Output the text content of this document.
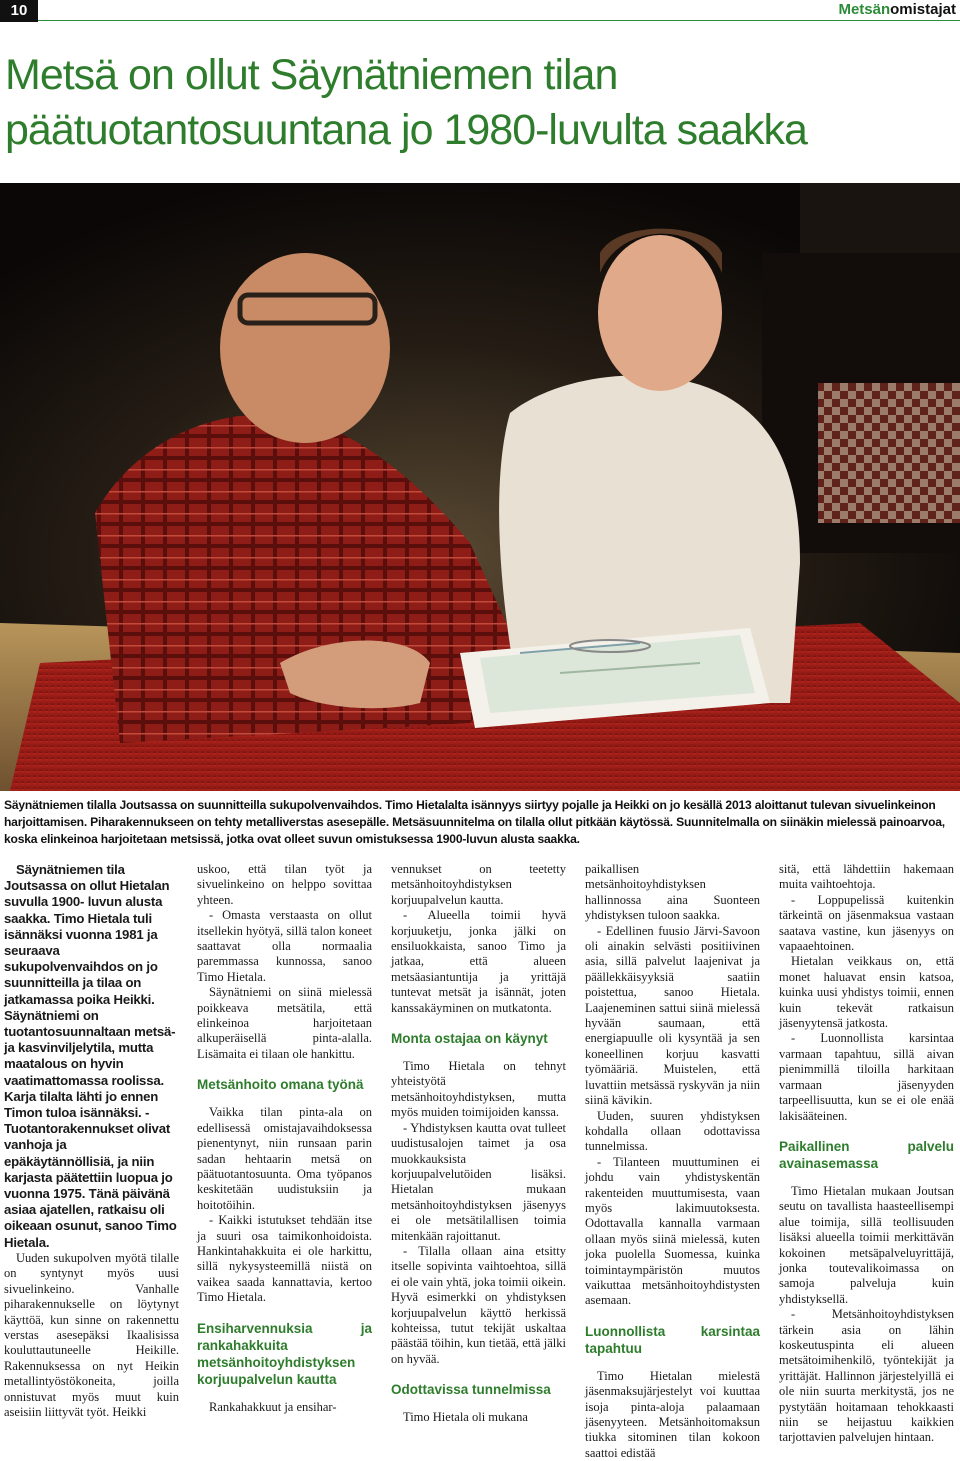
10	Metsänomistajat
Metsä on ollut Säynätniemen tilan päätuotantosuuntana jo 1980-luvulta saakka

Säynätniemen tilalla Joutsassa on suunnitteilla sukupolvenvaihdos. Timo Hietalalta isännyys siirtyy pojalle ja Heikki on jo kesällä 2013 aloittanut tulevan sivuelinkeinon harjoittamisen. Piharakennukseen on tehty metalliverstas asesepälle. Metsäsuunnitelma on tilalla ollut pitkään käytössä. Suunnitelmalla on siinäkin mielessä painoarvoa, koska elinkeinoa harjoitetaan metsissä, jotka ovat olleet suvun omistuksessa 1900-luvun alusta saakka.

Säynätniemen tila Joutsassa on ollut Hietalan suvulla 1900- luvun alusta saakka. Timo Hietala tuli isännäksi vuonna 1981 ja seuraava sukupolvenvaihdos on jo suunnitteilla ja tilaa on jatkamassa poika Heikki. Säynätniemi on tuotantosuunnaltaan metsä- ja kasvinviljelytila, mutta maatalous on hyvin vaatimattomassa roolissa. Karja tilalta lähti jo ennen Timon tuloa isännäksi. - Tuotantorakennukset olivat vanhoja ja epäkäytännöllisiä, ja niin karjasta päätettiin luopua jo vuonna 1975. Tänä päivänä asiaa ajatellen, ratkaisu oli oikeaan osunut, sanoo Timo Hietala.

Uuden sukupolven myötä tilalle on syntynyt myös uusi sivuelinkeino. Vanhalle piharakennukselle on löytynyt käyttöä, kun sinne on rakennettu verstas asesepäksi Ikaalisissa kouluttautuneelle Heikille. Rakennuksessa on nyt Heikin metallintyöstökoneita, joilla onnistuvat myös muut kuin aseisiin liittyvät työt. Heikki

uskoo, että tilan työt ja sivuelinkeino on helppo sovittaa yhteen.

- Omasta verstaasta on ollut itsellekin hyötyä, sillä talon koneet saattavat olla normaalia paremmassa kunnossa, sanoo Timo Hietala.

Säynätniemi on siinä mielessä poikkeava metsätila, että elinkeinoa harjoitetaan alkuperäisellä pinta-alalla. Lisämaita ei tilaan ole hankittu.

Metsänhoito omana työnä

Vaikka tilan pinta-ala on edellisessä omistajavaihdoksessa pienentynyt, niin runsaan parin sadan hehtaarin metsä on päätuotantosuunta. Oma työpanos keskitetään uudistuksiin ja hoitotöihin.

- Kaikki istutukset tehdään itse ja suuri osa taimikonhoidoista. Hankintahakkuita ei ole harkittu, sillä nykysysteemillä niistä on vaikea saada kannattavia, kertoo Timo Hietala.

Ensiharvennuksia ja rankahakkuita metsänhoitoyhdistyksen korjuupalvelun kautta

Rankahakkuut ja ensihar-

vennukset on teetetty metsänhoitoyhdistyksen korjuupalvelun kautta.

- Alueella toimii hyvä korjuuketju, jonka jälki on ensiluokkaista, sanoo Timo ja jatkaa, että alueen metsäasiantuntija ja yrittäjä tuntevat metsät ja isännät, joten kanssakäyminen on mutkatonta.

Monta ostajaa on käynyt

Timo Hietala on tehnyt yhteistyötä metsänhoitoyhdistyksen, mutta myös muiden toimijoiden kanssa.

- Yhdistyksen kautta ovat tulleet uudistusalojen taimet ja osa muokkauksista korjuupalvelutöiden lisäksi. Hietalan mukaan metsänhoitoyhdistyksen jäsenyys ei ole metsätilallisen toimia mitenkään rajoittanut.

- Tilalla ollaan aina etsitty itselle sopivinta vaihtoehtoa, sillä ei ole vain yhtä, joka toimii oikein. Hyvä esimerkki on yhdistyksen korjuupalvelun käyttö herkissä kohteissa, tutut tekijät uskaltaa päästää töihin, kun tietää, että jälki on hyvää.

Odottavissa tunnelmissa

Timo Hietala oli mukana

paikallisen metsänhoitoyhdistyksen hallinnossa aina Suonteen yhdistyksen tuloon saakka.

- Edellinen fuusio Järvi-Savoon oli ainakin selvästi positiivinen asia, sillä palvelut laajenivat ja päällekkäisyyksiä saatiin poistettua, sanoo Hietala. Laajeneminen sattui siinä mielessä hyvään saumaan, että energiapuulle oli kysyntää ja sen koneellinen korjuu kasvatti työmääriä. Muistelen, että luvattiin metsässä ryskyvän ja niin siinä kävikin.

Uuden, suuren yhdistyksen kohdalla ollaan odottavissa tunnelmissa.

- Tilanteen muuttuminen ei johdu vain yhdistyskentän rakenteiden muuttumisesta, vaan myös lakimuutoksesta. Odottavalla kannalla varmaan ollaan myös siinä mielessä, kuten joka puolella Suomessa, kuinka toimintaympäristön muutos vaikuttaa metsänhoitoyhdistysten asemaan.

Luonnollista karsintaa tapahtuu

Timo Hietalan mielestä jäsenmaksujärjestelyt voi kuuttaa isoja pinta-aloja palaamaan jäsenyyteen. Metsänhoitomaksun tiukka sitominen tilan kokoon saattoi edistää

sitä, että lähdettiin hakemaan muita vaihtoehtoja.

- Loppupelissä kuitenkin tärkeintä on jäsenmaksua vastaan saatava vastine, kun jäsenyys on vapaaehtoinen.

Hietalan veikkaus on, että monet haluavat ensin katsoa, kuinka uusi yhdistys toimii, ennen kuin tekevät ratkaisun jäsenyytensä jatkosta.

- Luonnollista karsintaa varmaan tapahtuu, sillä aivan pienimmillä tiloilla harkitaan varmaan jäsenyyden tarpeellisuutta, kun se ei ole enää lakisääteinen.

Paikallinen palvelu avainasemassa

Timo Hietalan mukaan Joutsan seutu on tavallista haasteellisempi alue toimija, sillä teollisuuden lisäksi alueella toimii merkittävän kokoinen metsäpalveluyrittäjä, jonka toutevalikoimassa on samoja palveluja kuin yhdistyksellä.

- Metsänhoitoyhdistyksen tärkein asia on lähin koskeutuspinta eli alueen metsätoimihenkilö, työntekijät ja yrittäjät. Hallinnon järjestelyillä ei ole niin suurta merkitystä, jos ne pystytään hoitamaan tehokkaasti niin se heijastuu kaikkien tarjottavien palvelujen hintaan.
